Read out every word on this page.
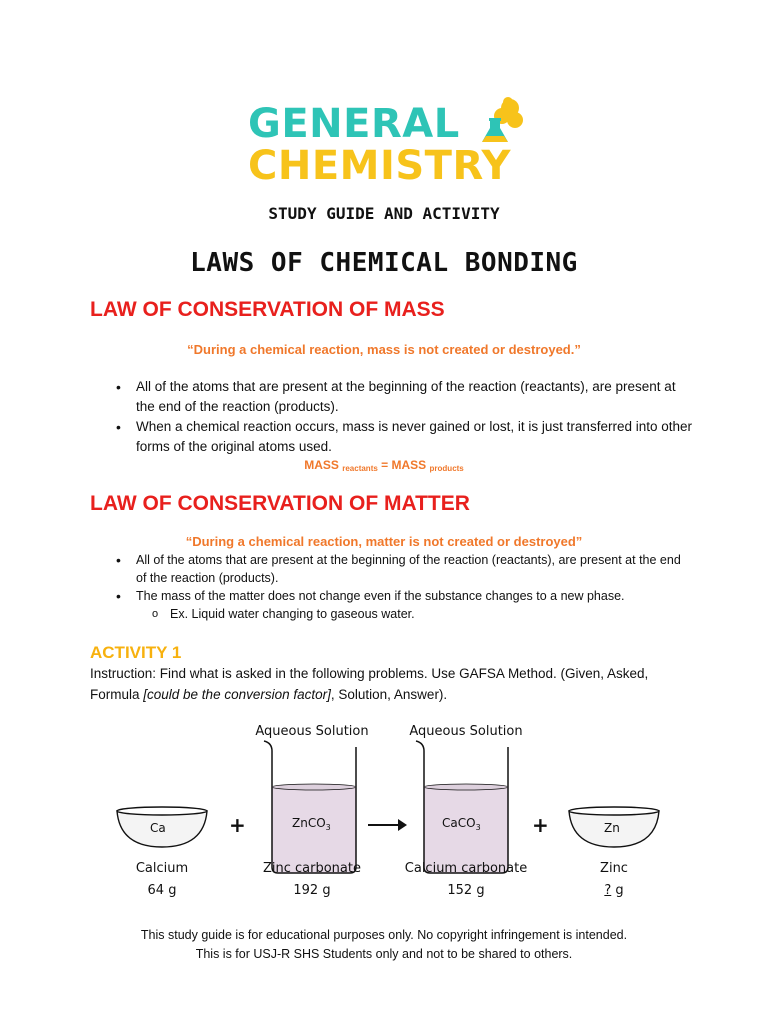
GENERAL
CHEMISTRY
STUDY GUIDE AND ACTIVITY
LAWS OF CHEMICAL BONDING
LAW OF CONSERVATION OF MASS
“During a chemical reaction, mass is not created or destroyed.”
• All of the atoms that are present at the beginning of the reaction (reactants), are present at the end of the reaction (products).
• When a chemical reaction occurs, mass is never gained or lost, it is just transferred into other forms of the original atoms used.
MASS $_{reactants}$ = MASS $_{products}$
LAW OF CONSERVATION OF MATTER
“During a chemical reaction, matter is not created or destroyed”
• All of the atoms that are present at the beginning of the reaction (reactants), are present at the end of the reaction (products).
• The mass of the matter does not change even if the substance changes to a new phase.
o Ex. Liquid water changing to gaseous water.
ACTIVITY 1
Instruction: Find what is asked in the following problems. Use GAFSA Method. (Given, Asked, Formula [could be the conversion factor], Solution, Answer).
Aqueous Solution	Aqueous Solution
Ca	ZnCO$_3$	CaCO$_3$	Zn
+	+
Calcium	Zinc carbonate	Calcium carbonate	Zinc
64 g	192 g	152 g	? g
This study guide is for educational purposes only. No copyright infringement is intended.
This is for USJ-R SHS Students only and not to be shared to others.
